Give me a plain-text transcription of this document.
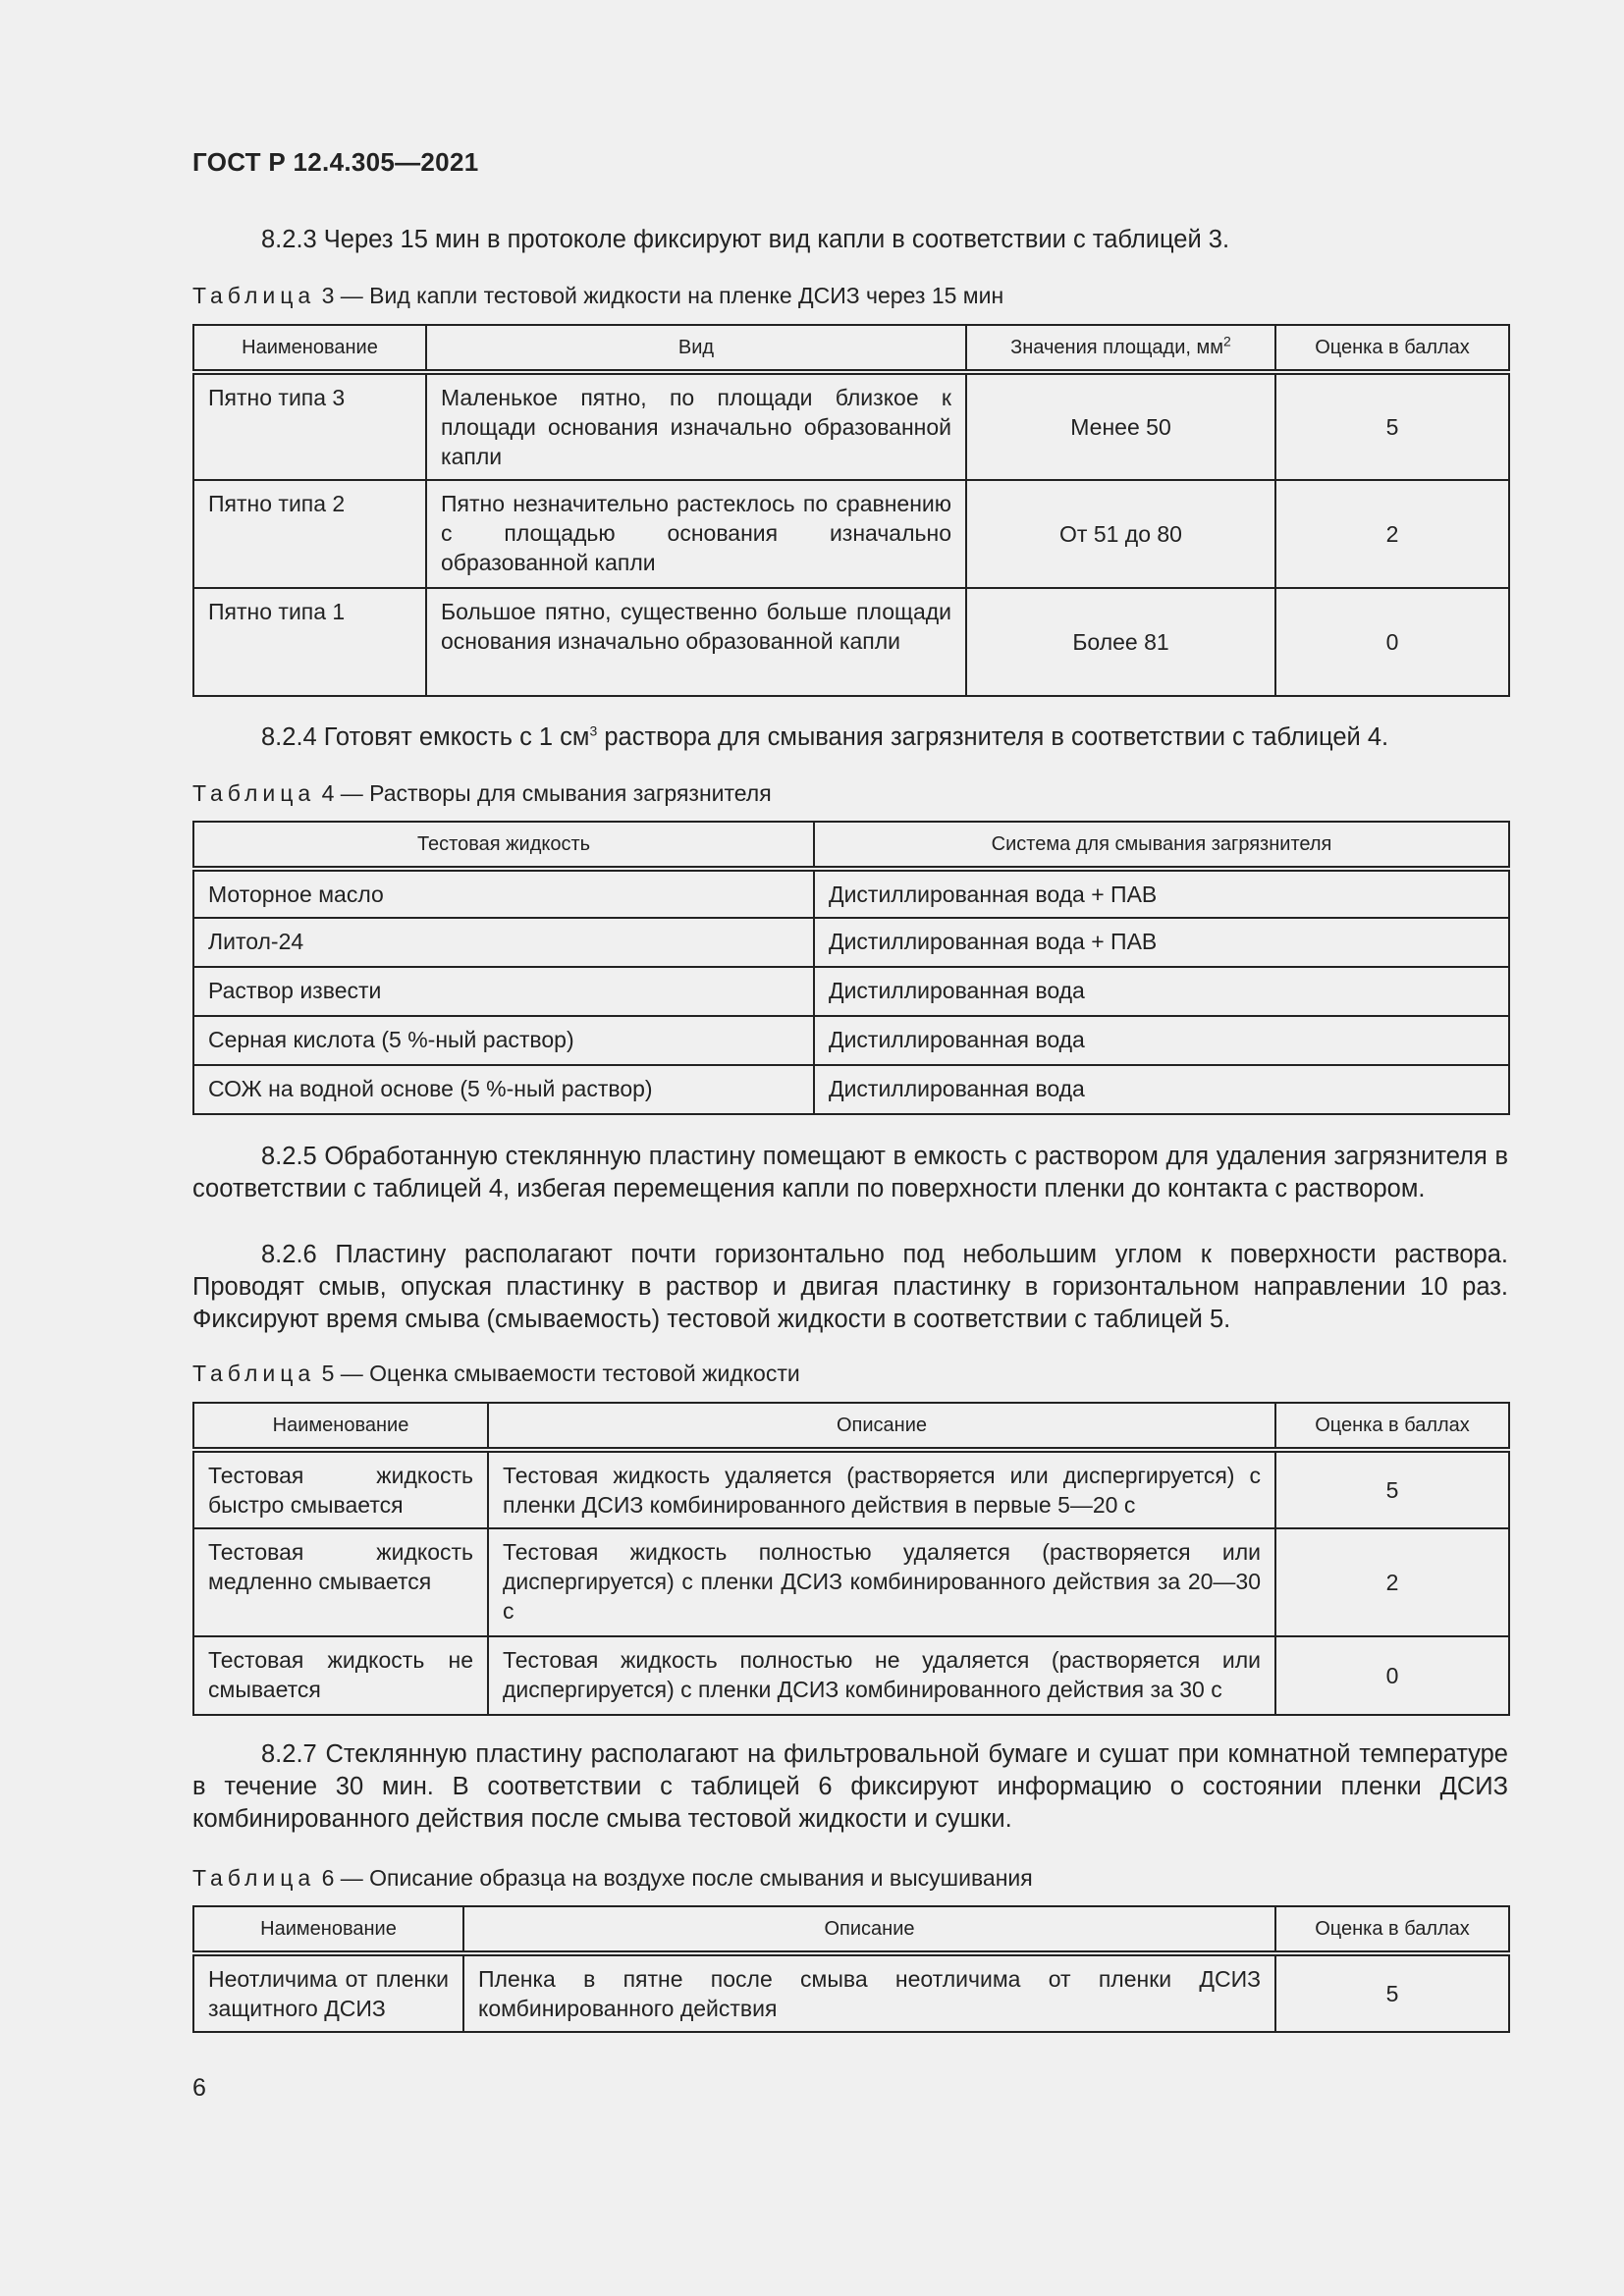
ГОСТ Р 12.4.305—2021
8.2.3 Через 15 мин в протоколе фиксируют вид капли в соответствии с таблицей 3.
Таблица 3 — Вид капли тестовой жидкости на пленке ДСИЗ через 15 мин
Наименование	Вид	Значения площади, $мм^2$	Оценка в баллах
Пятно типа 3	Маленькое пятно, по площади близкое к площади основания изначально образованной капли	Менее 50	5
Пятно типа 2	Пятно незначительно растеклось по сравнению с площадью основания изначально образованной капли	От 51 до 80	2
Пятно типа 1	Большое пятно, существенно больше площади основания изначально образованной капли	Более 81	0
8.2.4 Готовят емкость с 1 $см^3$ раствора для смывания загрязнителя в соответствии с таблицей 4.
Таблица 4 — Растворы для смывания загрязнителя
Тестовая жидкость	Система для смывания загрязнителя
Моторное масло	Дистиллированная вода + ПАВ
Литол-24	Дистиллированная вода + ПАВ
Раствор извести	Дистиллированная вода
Серная кислота (5 %-ный раствор)	Дистиллированная вода
СОЖ на водной основе (5 %-ный раствор)	Дистиллированная вода
8.2.5 Обработанную стеклянную пластину помещают в емкость с раствором для удаления загрязнителя в соответствии с таблицей 4, избегая перемещения капли по поверхности пленки до контакта с раствором.
8.2.6 Пластину располагают почти горизонтально под небольшим углом к поверхности раствора. Проводят смыв, опуская пластинку в раствор и двигая пластинку в горизонтальном направлении 10 раз. Фиксируют время смыва (смываемость) тестовой жидкости в соответствии с таблицей 5.
Таблица 5 — Оценка смываемости тестовой жидкости
Наименование	Описание	Оценка в баллах
Тестовая жидкость быстро смывается	Тестовая жидкость удаляется (растворяется или диспергируется) с пленки ДСИЗ комбинированного действия в первые 5—20 с	5
Тестовая жидкость медленно смывается	Тестовая жидкость полностью удаляется (растворяется или диспергируется) с пленки ДСИЗ комбинированного действия за 20—30 с	2
Тестовая жидкость не смывается	Тестовая жидкость полностью не удаляется (растворяется или диспергируется) с пленки ДСИЗ комбинированного действия за 30 с	0
8.2.7 Стеклянную пластину располагают на фильтровальной бумаге и сушат при комнатной температуре в течение 30 мин. В соответствии с таблицей 6 фиксируют информацию о состоянии пленки ДСИЗ комбинированного действия после смыва тестовой жидкости и сушки.
Таблица 6 — Описание образца на воздухе после смывания и высушивания
Наименование	Описание	Оценка в баллах
Неотличима от пленки защитного ДСИЗ	Пленка в пятне после смыва неотличима от пленки ДСИЗ комбинированного действия	5
6
